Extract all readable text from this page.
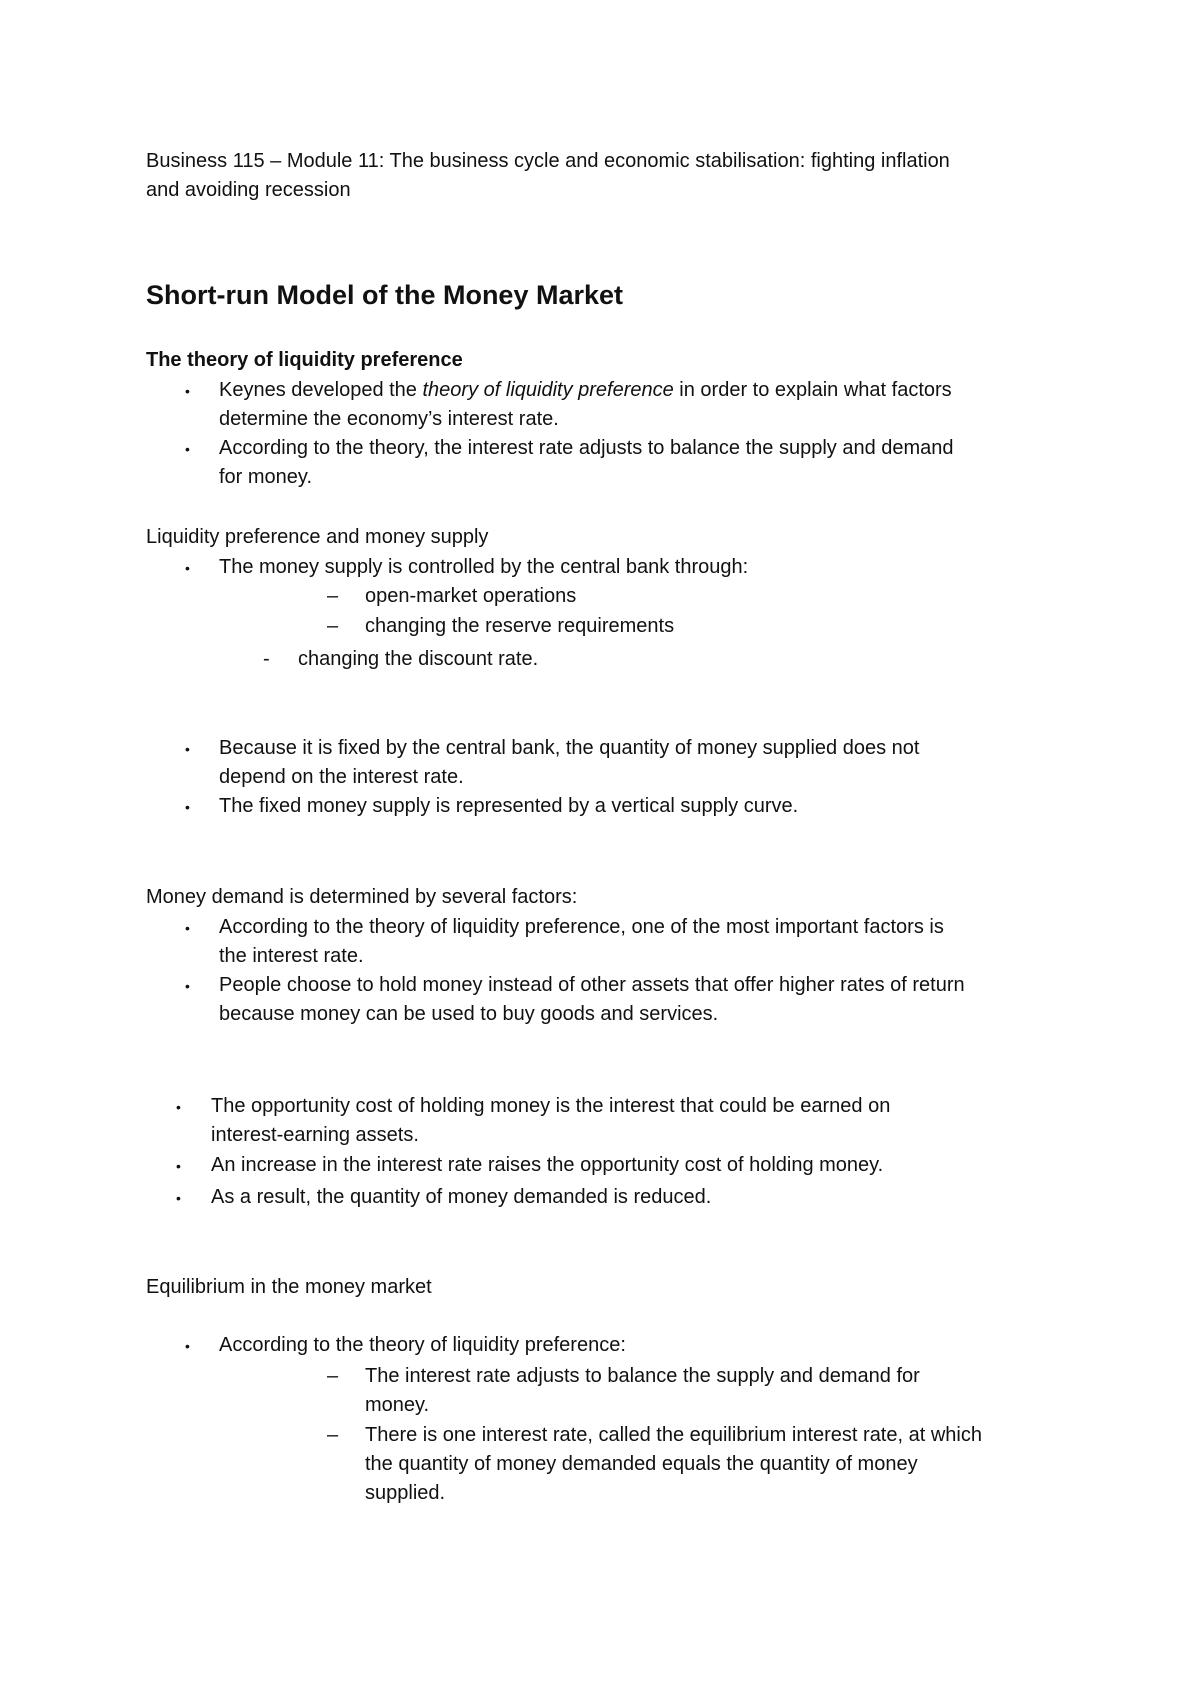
Business 115 – Module 11: The business cycle and economic stabilisation: fighting inflation
and avoiding recession
Short-run Model of the Money Market
The theory of liquidity preference
• Keynes developed the theory of liquidity preference in order to explain what factors
determine the economy’s interest rate.
• According to the theory, the interest rate adjusts to balance the supply and demand
for money.
Liquidity preference and money supply
• The money supply is controlled by the central bank through:
– open-market operations
– changing the reserve requirements
- changing the discount rate.
• Because it is fixed by the central bank, the quantity of money supplied does not
depend on the interest rate.
• The fixed money supply is represented by a vertical supply curve.
Money demand is determined by several factors:
• According to the theory of liquidity preference, one of the most important factors is
the interest rate.
• People choose to hold money instead of other assets that offer higher rates of return
because money can be used to buy goods and services.
• The opportunity cost of holding money is the interest that could be earned on
interest-earning assets.
• An increase in the interest rate raises the opportunity cost of holding money.
• As a result, the quantity of money demanded is reduced.
Equilibrium in the money market
• According to the theory of liquidity preference:
– The interest rate adjusts to balance the supply and demand for
money.
– There is one interest rate, called the equilibrium interest rate, at which
the quantity of money demanded equals the quantity of money
supplied.
